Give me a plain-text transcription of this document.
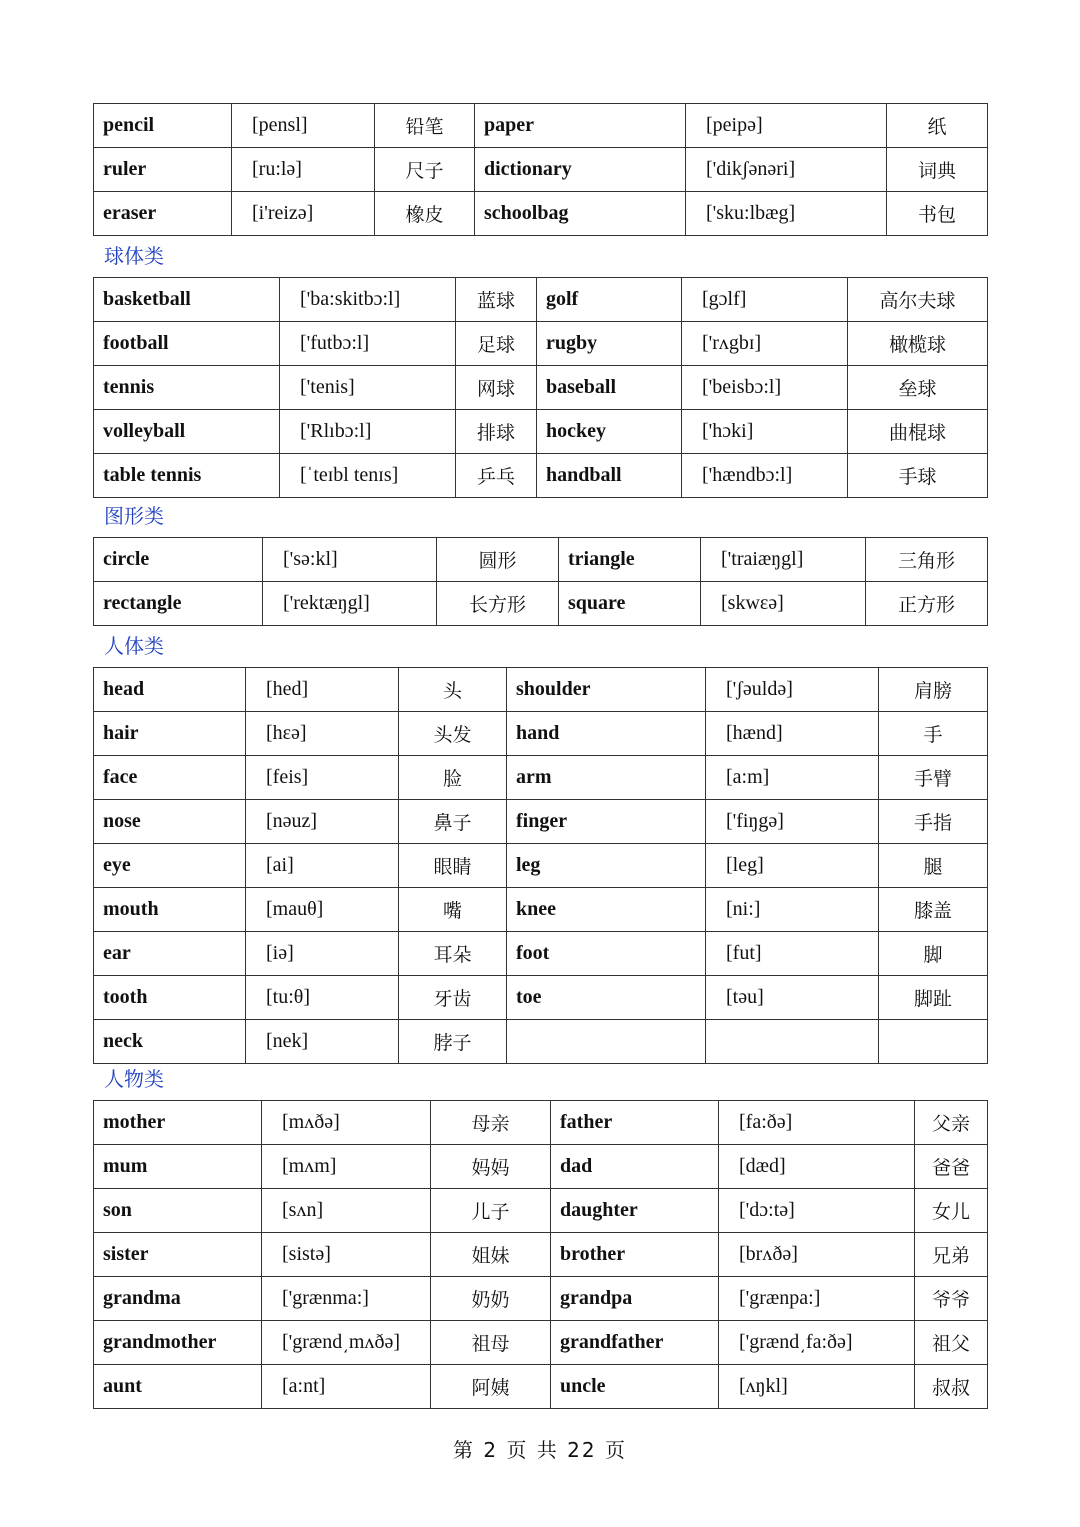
pencil	[pensl]	铅笔	paper	[peipə]	纸
ruler	[ru:lə]	尺子	dictionary	['dikʃənəri]	词典
eraser	[i'reizə]	橡皮	schoolbag	['sku:lbæg]	书包
球体类
basketball	['ba:skitbɔ:l]	蓝球	golf	[gɔlf]	高尔夫球
football	['futbɔ:l]	足球	rugby	['rʌgbɪ]	橄榄球
tennis	['tenis]	网球	baseball	['beisbɔ:l]	垒球
volleyball	['Rlıbɔ:l]	排球	hockey	['hɔki]	曲棍球
table tennis	[ˈteɪbl tenɪs]	乒乓	handball	['hændbɔ:l]	手球
图形类
circle	['sə:kl]	圆形	triangle	['traiæŋgl]	三角形
rectangle	['rektæŋgl]	长方形	square	[skwɛə]	正方形
人体类
head	[hed]	头	shoulder	['ʃəuldə]	肩膀
hair	[hɛə]	头发	hand	[hænd]	手
face	[feis]	脸	arm	[a:m]	手臂
nose	[nəuz]	鼻子	finger	['fiŋgə]	手指
eye	[ai]	眼睛	leg	[leg]	腿
mouth	[mauθ]	嘴	knee	[ni:]	膝盖
ear	[iə]	耳朵	foot	[fut]	脚
tooth	[tu:θ]	牙齿	toe	[təu]	脚趾
neck	[nek]	脖子			
人物类
mother	[mʌðə]	母亲	father	[fa:ðə]	父亲
mum	[mʌm]	妈妈	dad	[dæd]	爸爸
son	[sʌn]	儿子	daughter	['dɔ:tə]	女儿
sister	[sistə]	姐妹	brother	[brʌðə]	兄弟
grandma	['grænma:]	奶奶	grandpa	['grænpa:]	爷爷
grandmother	['grænd͵mʌðə]	祖母	grandfather	['grænd͵fa:ðə]	祖父
aunt	[a:nt]	阿姨	uncle	[ʌŋkl]	叔叔
第 2 页 共 22 页
